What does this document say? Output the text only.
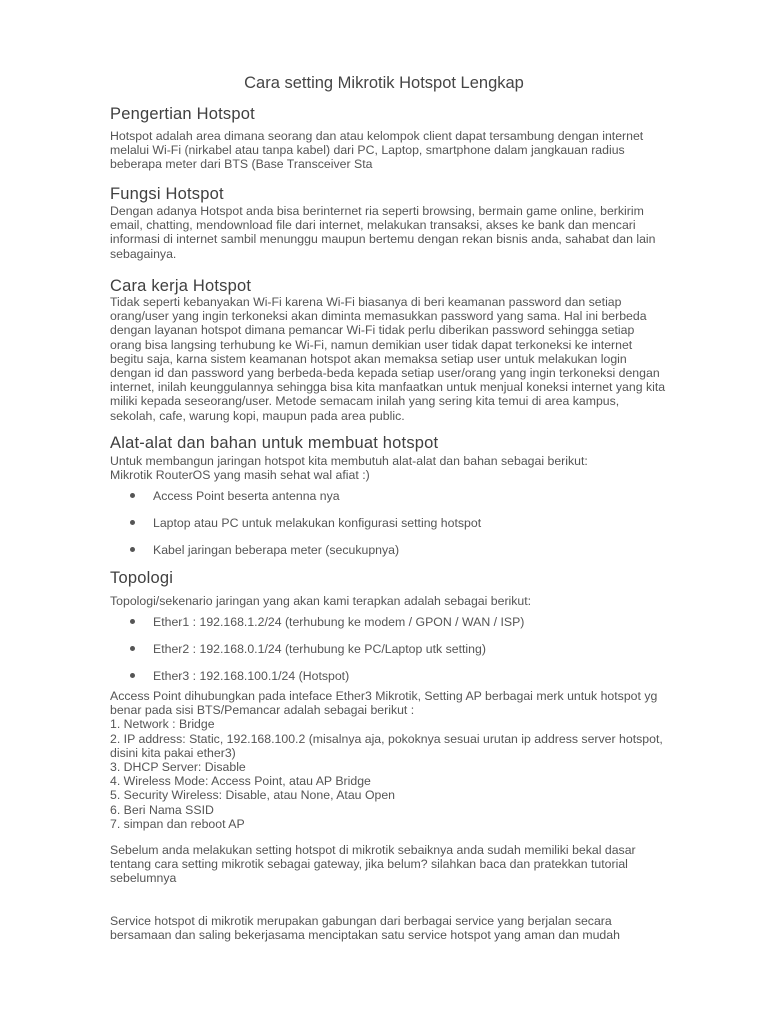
Cara setting Mikrotik Hotspot Lengkap
Pengertian Hotspot
Hotspot adalah area dimana seorang dan atau kelompok client dapat tersambung dengan internet
melalui Wi-Fi (nirkabel atau tanpa kabel) dari PC, Laptop, smartphone dalam jangkauan radius
beberapa meter dari BTS (Base Transceiver Sta
Fungsi Hotspot
Dengan adanya Hotspot anda bisa berinternet ria seperti browsing, bermain game online, berkirim
email, chatting, mendownload file dari internet, melakukan transaksi, akses ke bank dan mencari
informasi di internet sambil menunggu maupun bertemu dengan rekan bisnis anda, sahabat dan lain
sebagainya.
Cara kerja Hotspot
Tidak seperti kebanyakan Wi-Fi karena Wi-Fi biasanya di beri keamanan password dan setiap
orang/user yang ingin terkoneksi akan diminta memasukkan password yang sama. Hal ini berbeda
dengan layanan hotspot dimana pemancar Wi-Fi tidak perlu diberikan password sehingga setiap
orang bisa langsing terhubung ke Wi-Fi, namun demikian user tidak dapat terkoneksi ke internet
begitu saja, karna sistem keamanan hotspot akan memaksa setiap user untuk melakukan login
dengan id dan password yang berbeda-beda kepada setiap user/orang yang ingin terkoneksi dengan
internet, inilah keunggulannya sehingga bisa kita manfaatkan untuk menjual koneksi internet yang kita
miliki kepada seseorang/user. Metode semacam inilah yang sering kita temui di area kampus,
sekolah, cafe, warung kopi, maupun pada area public.
Alat-alat dan bahan untuk membuat hotspot
Untuk membangun jaringan hotspot kita membutuh alat-alat dan bahan sebagai berikut:
Mikrotik RouterOS yang masih sehat wal afiat :)
Access Point beserta antenna nya
Laptop atau PC untuk melakukan konfigurasi setting hotspot
Kabel jaringan beberapa meter (secukupnya)
Topologi
Topologi/sekenario jaringan yang akan kami terapkan adalah sebagai berikut:
Ether1 : 192.168.1.2/24 (terhubung ke modem / GPON / WAN / ISP)
Ether2 : 192.168.0.1/24 (terhubung ke PC/Laptop utk setting)
Ether3 : 192.168.100.1/24 (Hotspot)
Access Point dihubungkan pada inteface Ether3 Mikrotik, Setting AP berbagai merk untuk hotspot yg
benar pada sisi BTS/Pemancar adalah sebagai berikut :
1. Network : Bridge
2. IP address: Static, 192.168.100.2 (misalnya aja, pokoknya sesuai urutan ip address server hotspot,
disini kita pakai ether3)
3. DHCP Server: Disable
4. Wireless Mode: Access Point, atau AP Bridge
5. Security Wireless: Disable, atau None, Atau Open
6. Beri Nama SSID
7. simpan dan reboot AP
Sebelum anda melakukan setting hotspot di mikrotik sebaiknya anda sudah memiliki bekal dasar
tentang cara setting mikrotik sebagai gateway, jika belum? silahkan baca dan pratekkan tutorial
sebelumnya
Service hotspot di mikrotik merupakan gabungan dari berbagai service yang berjalan secara
bersamaan dan saling bekerjasama menciptakan satu service hotspot yang aman dan mudah
